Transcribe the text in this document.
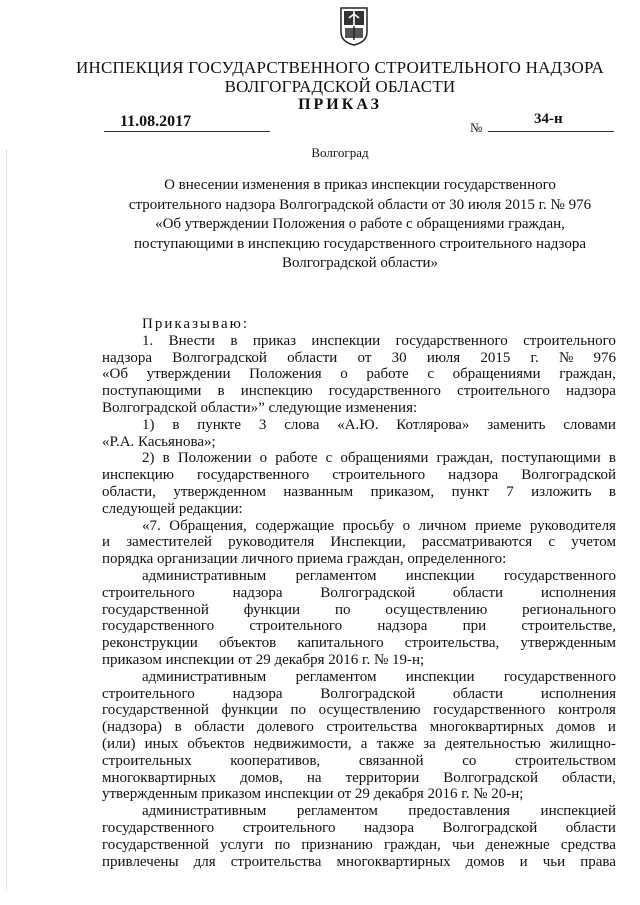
ИНСПЕКЦИЯ ГОСУДАРСТВЕННОГО СТРОИТЕЛЬНОГО НАДЗОРА
ВОЛГОГРАДСКОЙ ОБЛАСТИ
ПРИКАЗ
11.08.2017	№
34-н
Волгоград
О внесении изменения в приказ инспекции государственного
строительного надзора Волгоградской области от 30 июля 2015 г. № 976
«Об утверждении Положения о работе с обращениями граждан,
поступающими в инспекцию государственного строительного надзора
Волгоградской области»
Приказываю:
1. Внести в приказ инспекции государственного строительного
надзора Волгоградской области от 30 июля 2015 г. № 976
«Об утверждении Положения о работе с обращениями граждан,
поступающими в инспекцию государственного строительного надзора
Волгоградской области»” следующие изменения:
1) в пункте 3 слова «А.Ю. Котлярова» заменить словами
«Р.А. Касьянова»;
2) в Положении о работе с обращениями граждан, поступающими в
инспекцию государственного строительного надзора Волгоградской
области, утвержденном названным приказом, пункт 7 изложить в
следующей редакции:
«7. Обращения, содержащие просьбу о личном приеме руководителя
и заместителей руководителя Инспекции, рассматриваются с учетом
порядка организации личного приема граждан, определенного:
административным регламентом инспекции государственного
строительного	надзора	Волгоградской	области	исполнения
государственной функции по осуществлению регионального
государственного строительного надзора при строительстве,
реконструкции объектов капитального строительства, утвержденным
приказом инспекции от 29 декабря 2016 г. № 19-н;
административным регламентом инспекции государственного
строительного	надзора	Волгоградской	области	исполнения
государственной функции по осуществлению государственного контроля
(надзора) в области долевого строительства многоквартирных домов и
(или) иных объектов недвижимости, а также за деятельностью жилищно-
строительных	кооперативов,	связанной	со	строительством
многоквартирных домов, на территории Волгоградской области,
утвержденным приказом инспекции от 29 декабря 2016 г. № 20-н;
административным регламентом предоставления инспекцией
государственного строительного надзора Волгоградской области
государственной услуги по признанию граждан, чьи денежные средства
привлечены для строительства многоквартирных домов и чьи права
